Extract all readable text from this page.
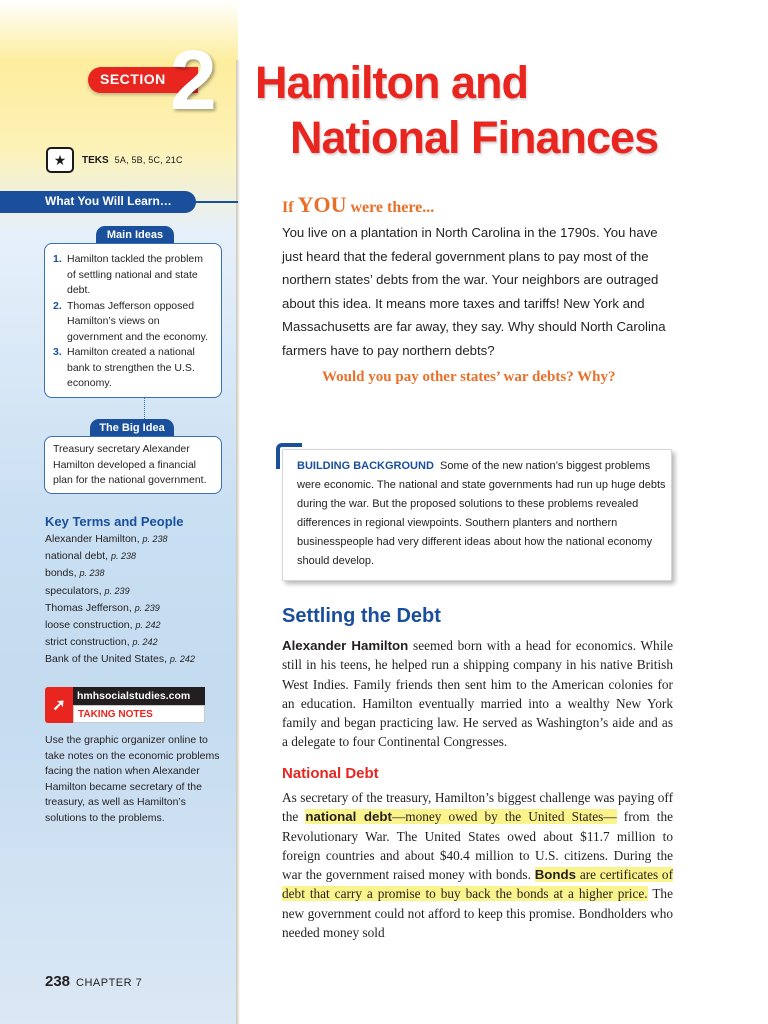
SECTION 2
★	TEKS 5A, 5B, 5C, 21C
What You Will Learn…
Main Ideas
1. Hamilton tackled the problem of settling national and state debt.
2. Thomas Jefferson opposed Hamilton’s views on government and the economy.
3. Hamilton created a national bank to strengthen the U.S. economy.
The Big Idea
Treasury secretary Alexander Hamilton developed a financial plan for the national government.
Key Terms and People
Alexander Hamilton, p. 238
national debt, p. 238
bonds, p. 238
speculators, p. 239
Thomas Jefferson, p. 239
loose construction, p. 242
strict construction, p. 242
Bank of the United States, p. 242
➚
hmhsocialstudies.com
TAKING NOTES
Use the graphic organizer online to take notes on the economic problems facing the nation when Alexander Hamilton became secretary of the treasury, as well as Hamilton’s solutions to the problems.
Hamilton and
National Finances
If YOU were there...

You live on a plantation in North Carolina in the 1790s. You have just heard that the federal government plans to pay most of the northern states’ debts from the war. Your neighbors are outraged about this idea. It means more taxes and tariffs! New York and Massachusetts are far away, they say. Why should North Carolina farmers have to pay northern debts?

Would you pay other states’ war debts? Why?

BUILDING BACKGROUND Some of the new nation’s biggest problems were economic. The national and state governments had run up huge debts during the war. But the proposed solutions to these problems revealed differences in regional viewpoints. Southern planters and northern businesspeople had very different ideas about how the national economy should develop.

Settling the Debt

Alexander Hamilton seemed born with a head for economics. While still in his teens, he helped run a shipping company in his native British West Indies. Family friends then sent him to the American colonies for an education. Hamilton eventually married into a wealthy New York family and began practicing law. He served as Washington’s aide and as a delegate to four Continental Congresses.

National Debt

As secretary of the treasury, Hamilton’s biggest challenge was paying off the national debt—money owed by the United States— from the Revolutionary War. The United States owed about $11.7 million to foreign countries and about $40.4 million to U.S. citizens. During the war the government raised money with bonds. Bonds are certificates of debt that carry a promise to buy back the bonds at a higher price. The new government could not afford to keep this promise. Bondholders who needed money sold

238 CHAPTER 7
